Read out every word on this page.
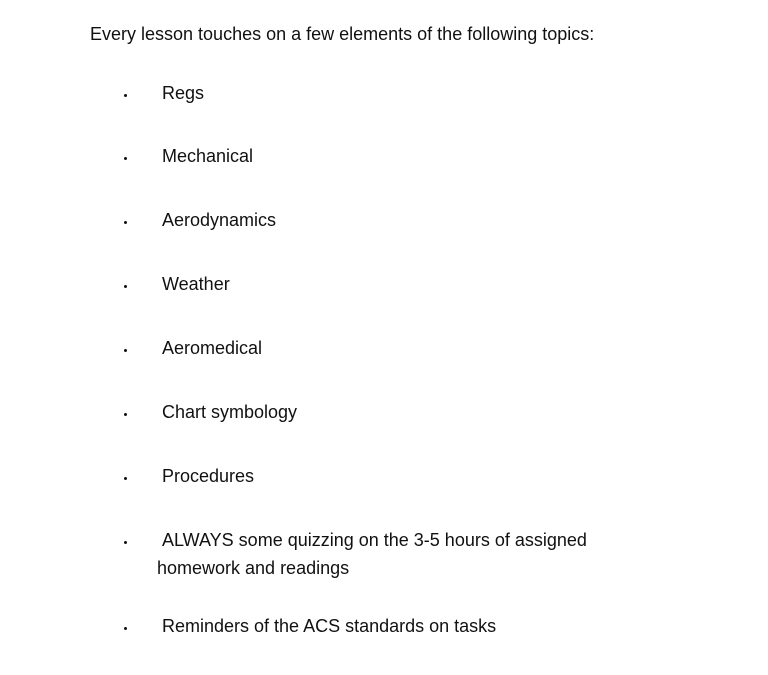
Every lesson touches on a few elements of the following topics:

Regs
Mechanical
Aerodynamics
Weather
Aeromedical
Chart symbology
Procedures
ALWAYS some quizzing on the 3-5 hours of assigned homework and readings
Reminders of the ACS standards on tasks
